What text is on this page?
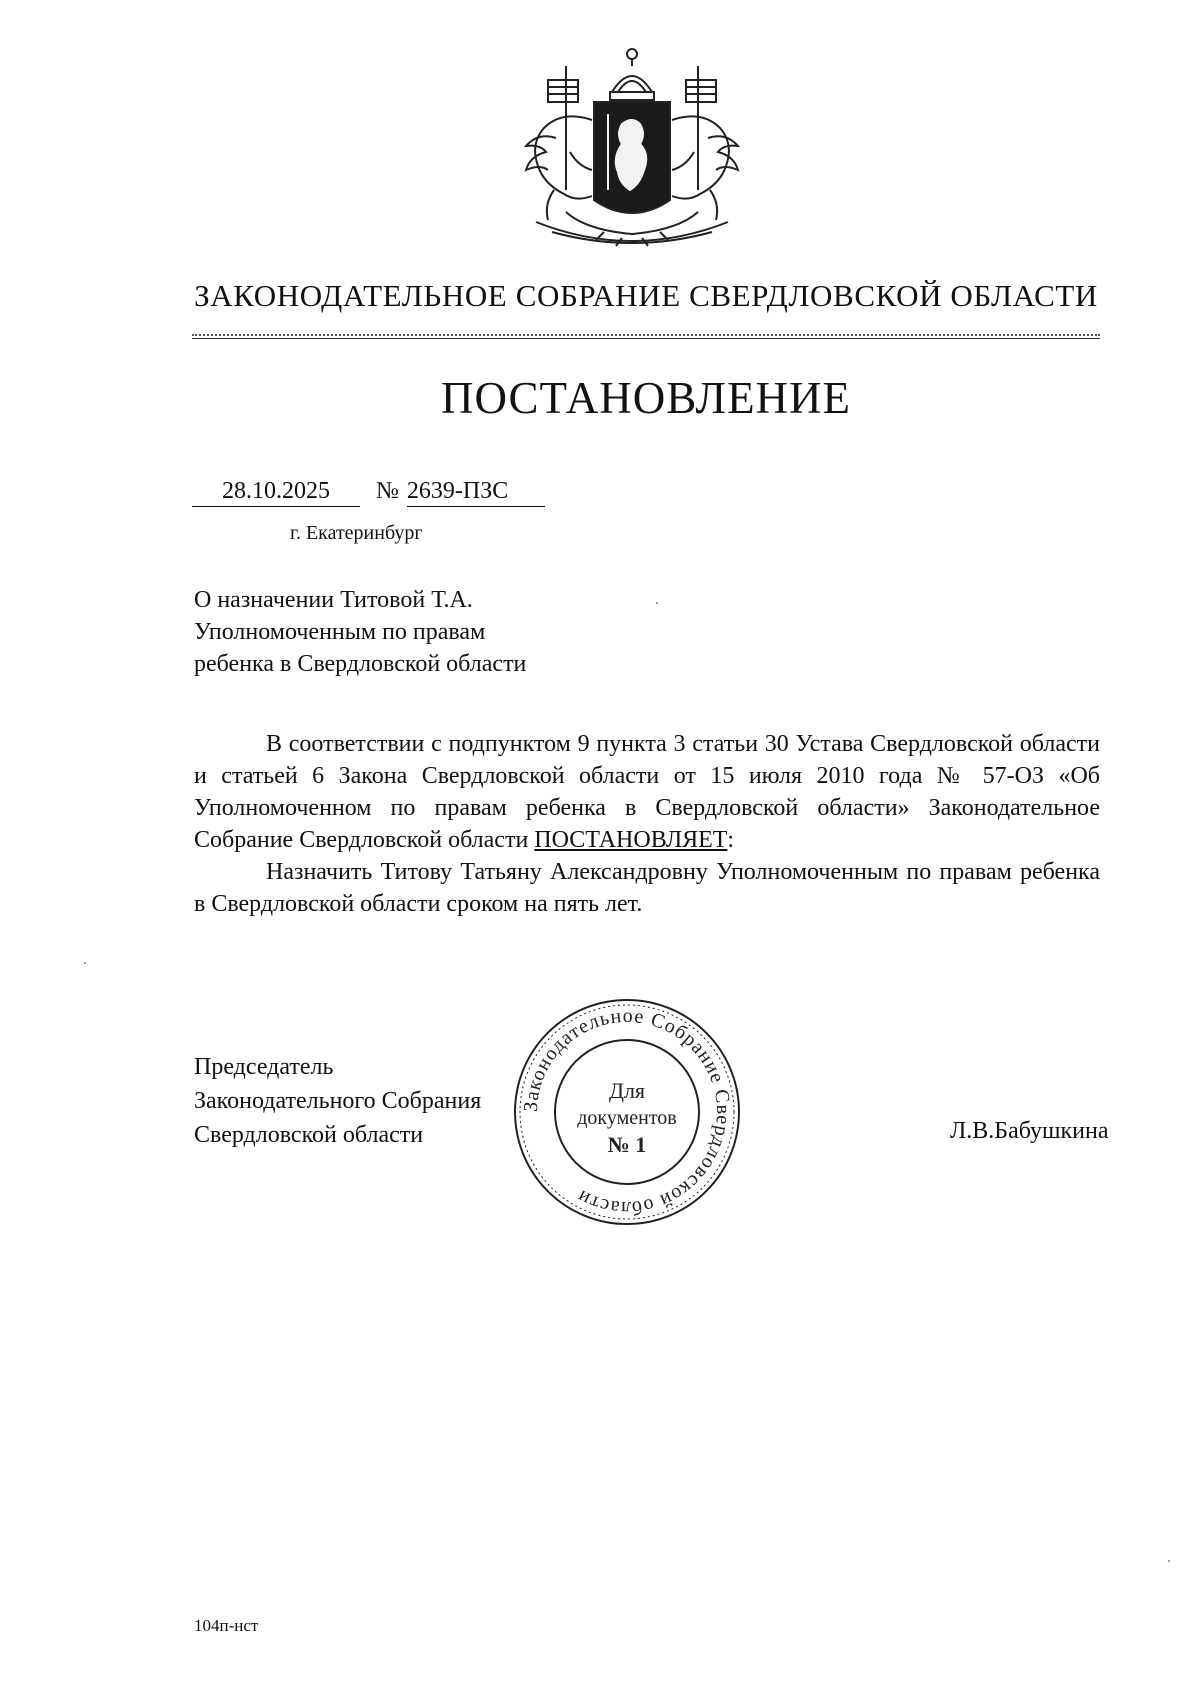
ЗАКОНОДАТЕЛЬНОЕ СОБРАНИЕ СВЕРДЛОВСКОЙ ОБЛАСТИ
ПОСТАНОВЛЕНИЕ
28.10.2025 № 2639-ПЗС
г. Екатеринбург
О назначении Титовой Т.А.
Уполномоченным по правам
ребенка в Свердловской области

В соответствии с подпунктом 9 пункта 3 статьи 30 Устава Свердловской области и статьей 6 Закона Свердловской области от 15 июля 2010 года № 57-ОЗ «Об Уполномоченном по правам ребенка в Свердловской области» Законодательное Собрание Свердловской области ПОСТАНОВЛЯЕТ:

Назначить Титову Татьяну Александровну Уполномоченным по правам ребенка в Свердловской области сроком на пять лет.

Председатель
Законодательного Собрания
Свердловской области	Л.В.Бабушкина
Законодательное Собрание Свердловской области
Для
документов
№ 1
104п-нст
